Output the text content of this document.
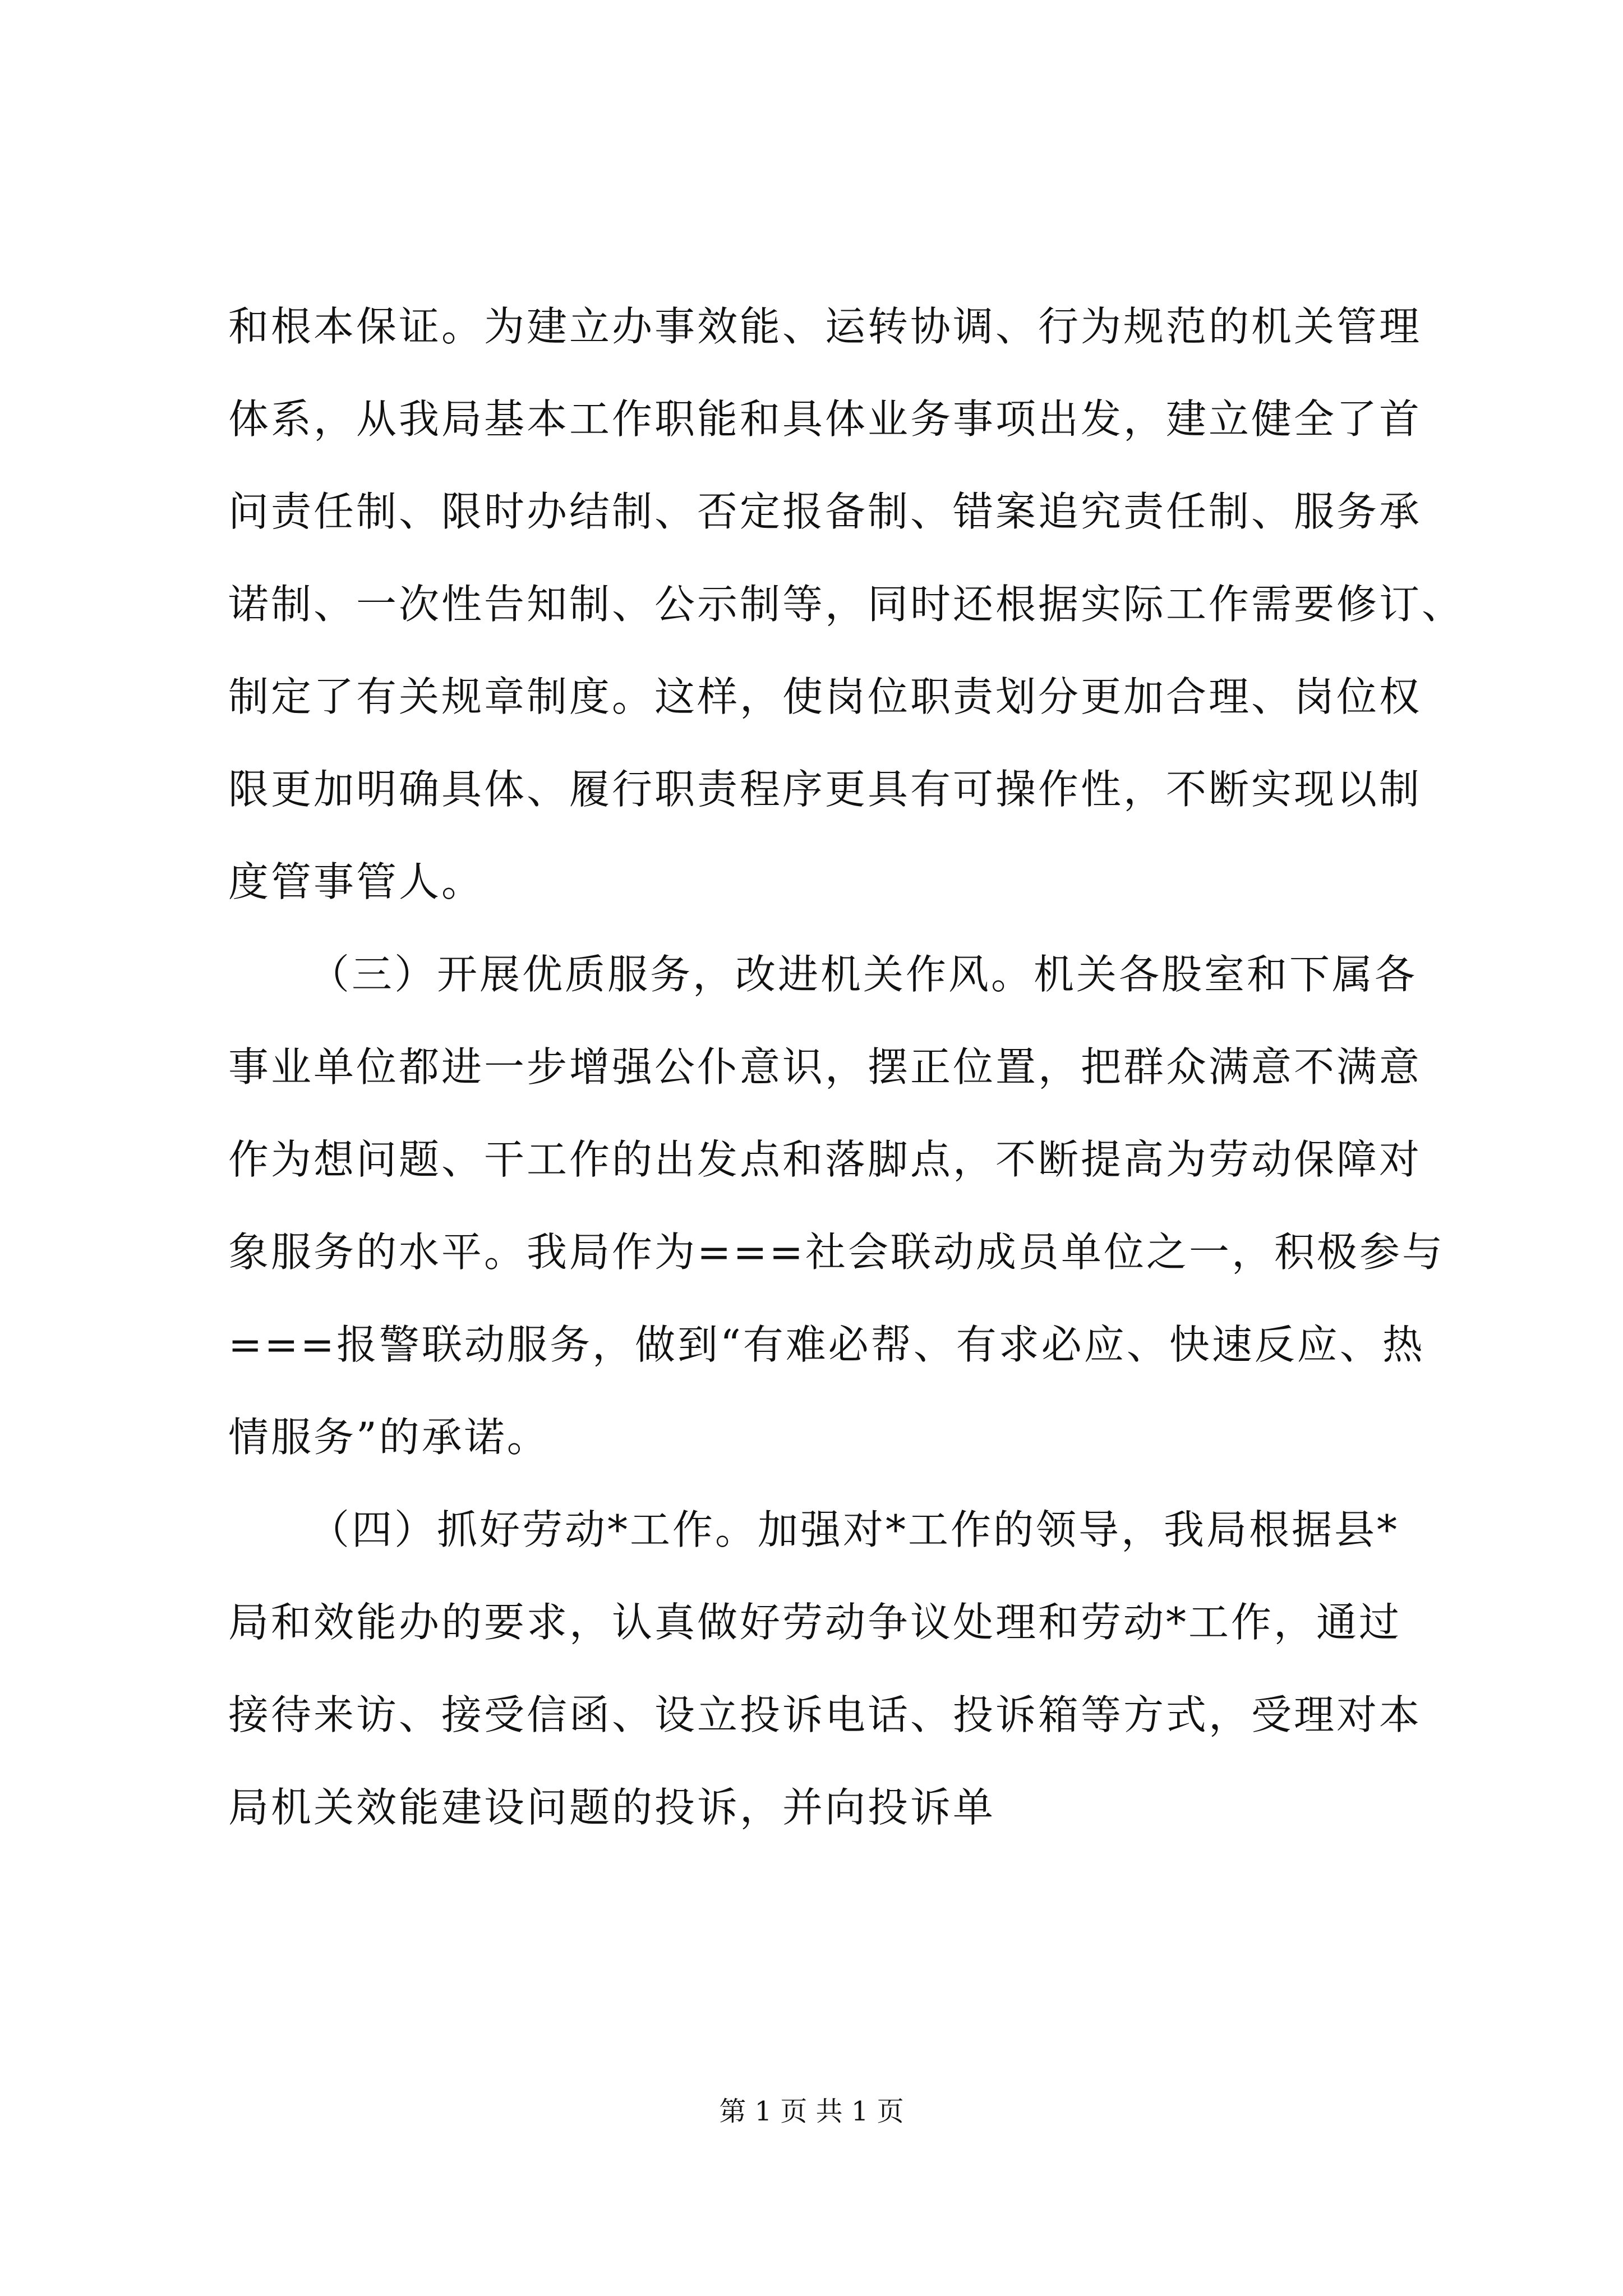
和根本保证。为建立办事效能、运转协调、行为规范的机关管理
体系，从我局基本工作职能和具体业务事项出发，建立健全了首
问责任制、限时办结制、否定报备制、错案追究责任制、服务承
诺制、一次性告知制、公示制等，同时还根据实际工作需要修订、
制定了有关规章制度。这样，使岗位职责划分更加合理、岗位权
限更加明确具体、履行职责程序更具有可操作性，不断实现以制
度管事管人。
（三）开展优质服务，改进机关作风。机关各股室和下属各
事业单位都进一步增强公仆意识，摆正位置，把群众满意不满意
作为想问题、干工作的出发点和落脚点，不断提高为劳动保障对
象服务的水平。我局作为===社会联动成员单位之一，积极参与
===报警联动服务，做到“有难必帮、有求必应、快速反应、热
情服务”的承诺。
（四）抓好劳动*工作。加强对*工作的领导，我局根据县*
局和效能办的要求，认真做好劳动争议处理和劳动*工作，通过
接待来访、接受信函、设立投诉电话、投诉箱等方式，受理对本
局机关效能建设问题的投诉，并向投诉单
第 1 页 共 1 页
